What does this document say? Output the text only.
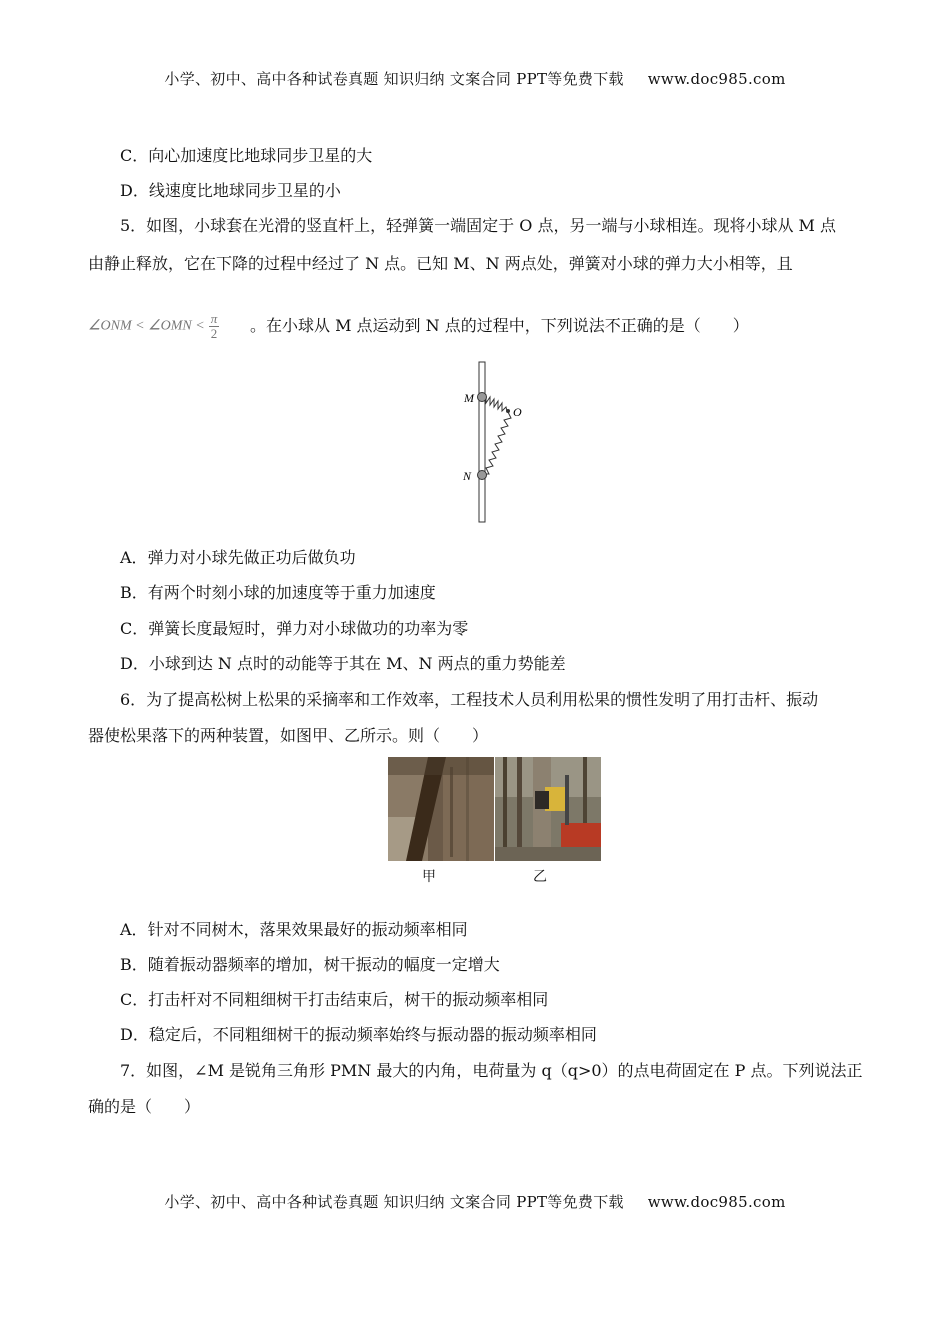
小学、初中、高中各种试卷真题 知识归纳 文案合同 PPT等免费下载 www.doc985.com
C．向心加速度比地球同步卫星的大
D．线速度比地球同步卫星的小
5．如图，小球套在光滑的竖直杆上，轻弹簧一端固定于 O 点，另一端与小球相连。现将小球从 M 点
由静止释放，它在下降的过程中经过了 N 点。已知 M、N 两点处，弹簧对小球的弹力大小相等，且
∠ONM < ∠OMN < $\frac{\pi}{2}$ 。在小球从 M 点运动到 N 点的过程中，下列说法不正确的是（　　）
M
O
N
A．弹力对小球先做正功后做负功
B．有两个时刻小球的加速度等于重力加速度
C．弹簧长度最短时，弹力对小球做功的功率为零
D．小球到达 N 点时的动能等于其在 M、N 两点的重力势能差
6．为了提高松树上松果的采摘率和工作效率，工程技术人员利用松果的惯性发明了用打击杆、振动
器使松果落下的两种装置，如图甲、乙所示。则（　　）
甲	乙
A．针对不同树木，落果效果最好的振动频率相同
B．随着振动器频率的增加，树干振动的幅度一定增大
C．打击杆对不同粗细树干打击结束后，树干的振动频率相同
D．稳定后，不同粗细树干的振动频率始终与振动器的振动频率相同
7．如图，∠M 是锐角三角形 PMN 最大的内角，电荷量为 q（q>0）的点电荷固定在 P 点。下列说法正
确的是（　　）
小学、初中、高中各种试卷真题 知识归纳 文案合同 PPT等免费下载 www.doc985.com
